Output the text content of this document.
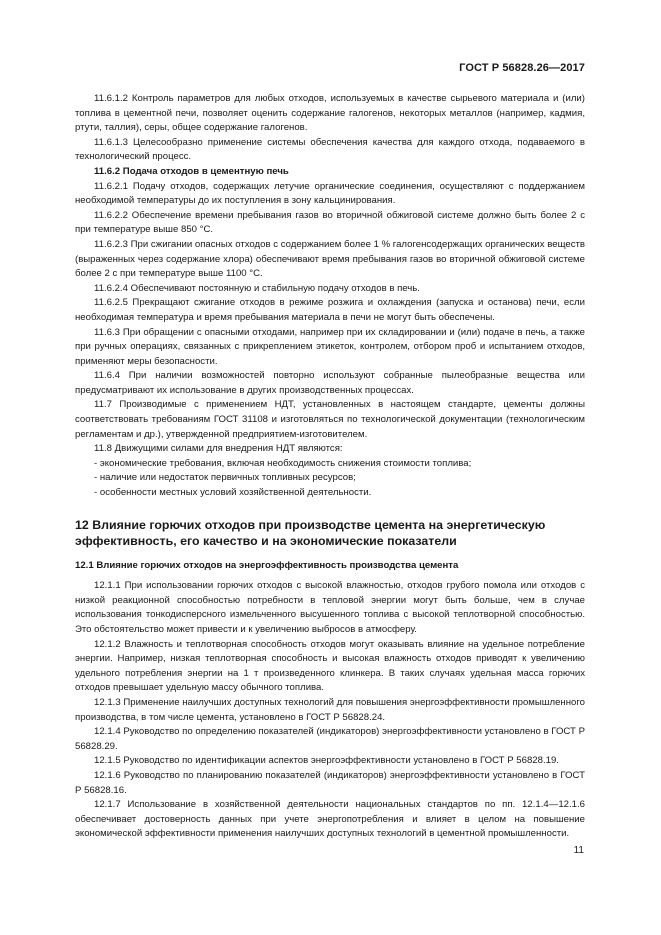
ГОСТ Р 56828.26—2017

11.6.1.2 Контроль параметров для любых отходов, используемых в качестве сырьевого материала и (или) топлива в цементной печи, позволяет оценить содержание галогенов, некоторых металлов (например, кадмия, ртути, таллия), серы, общее содержание галогенов.

11.6.1.3 Целесообразно применение системы обеспечения качества для каждого отхода, подаваемого в технологический процесс.

11.6.2 Подача отходов в цементную печь

11.6.2.1 Подачу отходов, содержащих летучие органические соединения, осуществляют с поддержанием необходимой температуры до их поступления в зону кальцинирования.

11.6.2.2 Обеспечение времени пребывания газов во вторичной обжиговой системе должно быть более 2 с при температуре выше 850 °C.

11.6.2.3 При сжигании опасных отходов с содержанием более 1 % галогенсодержащих органических веществ (выраженных через содержание хлора) обеспечивают время пребывания газов во вторичной обжиговой системе более 2 с при температуре выше 1100 °C.

11.6.2.4 Обеспечивают постоянную и стабильную подачу отходов в печь.

11.6.2.5 Прекращают сжигание отходов в режиме розжига и охлаждения (запуска и останова) печи, если необходимая температура и время пребывания материала в печи не могут быть обеспечены.

11.6.3 При обращении с опасными отходами, например при их складировании и (или) подаче в печь, а также при ручных операциях, связанных с прикреплением этикеток, контролем, отбором проб и испытанием отходов, применяют меры безопасности.

11.6.4 При наличии возможностей повторно используют собранные пылеобразные вещества или предусматривают их использование в других производственных процессах.

11.7 Производимые с применением НДТ, установленных в настоящем стандарте, цементы должны соответствовать требованиям ГОСТ 31108 и изготовляться по технологической документации (технологическим регламентам и др.), утвержденной предприятием-изготовителем.

11.8 Движущими силами для внедрения НДТ являются:

- экономические требования, включая необходимость снижения стоимости топлива;

- наличие или недостаток первичных топливных ресурсов;

- особенности местных условий хозяйственной деятельности.

12 Влияние горючих отходов при производстве цемента на энергетическую эффективность, его качество и на экономические показатели

12.1 Влияние горючих отходов на энергоэффективность производства цемента

12.1.1 При использовании горючих отходов с высокой влажностью, отходов грубого помола или отходов с низкой реакционной способностью потребности в тепловой энергии могут быть больше, чем в случае использования тонкодисперсного измельченного высушенного топлива с высокой теплотворной способностью. Это обстоятельство может привести и к увеличению выбросов в атмосферу.

12.1.2 Влажность и теплотворная способность отходов могут оказывать влияние на удельное потребление энергии. Например, низкая теплотворная способность и высокая влажность отходов приводят к увеличению удельного потребления энергии на 1 т произведенного клинкера. В таких случаях удельная масса горючих отходов превышает удельную массу обычного топлива.

12.1.3 Применение наилучших доступных технологий для повышения энергоэффективности промышленного производства, в том числе цемента, установлено в ГОСТ Р 56828.24.

12.1.4 Руководство по определению показателей (индикаторов) энергоэффективности установлено в ГОСТ Р 56828.29.

12.1.5 Руководство по идентификации аспектов энергоэффективности установлено в ГОСТ Р 56828.19.

12.1.6 Руководство по планированию показателей (индикаторов) энергоэффективности установлено в ГОСТ Р 56828.16.

12.1.7 Использование в хозяйственной деятельности национальных стандартов по пп. 12.1.4—12.1.6 обеспечивает достоверность данных при учете энергопотребления и влияет в целом на повышение экономической эффективности применения наилучших доступных технологий в цементной промышленности.

11
